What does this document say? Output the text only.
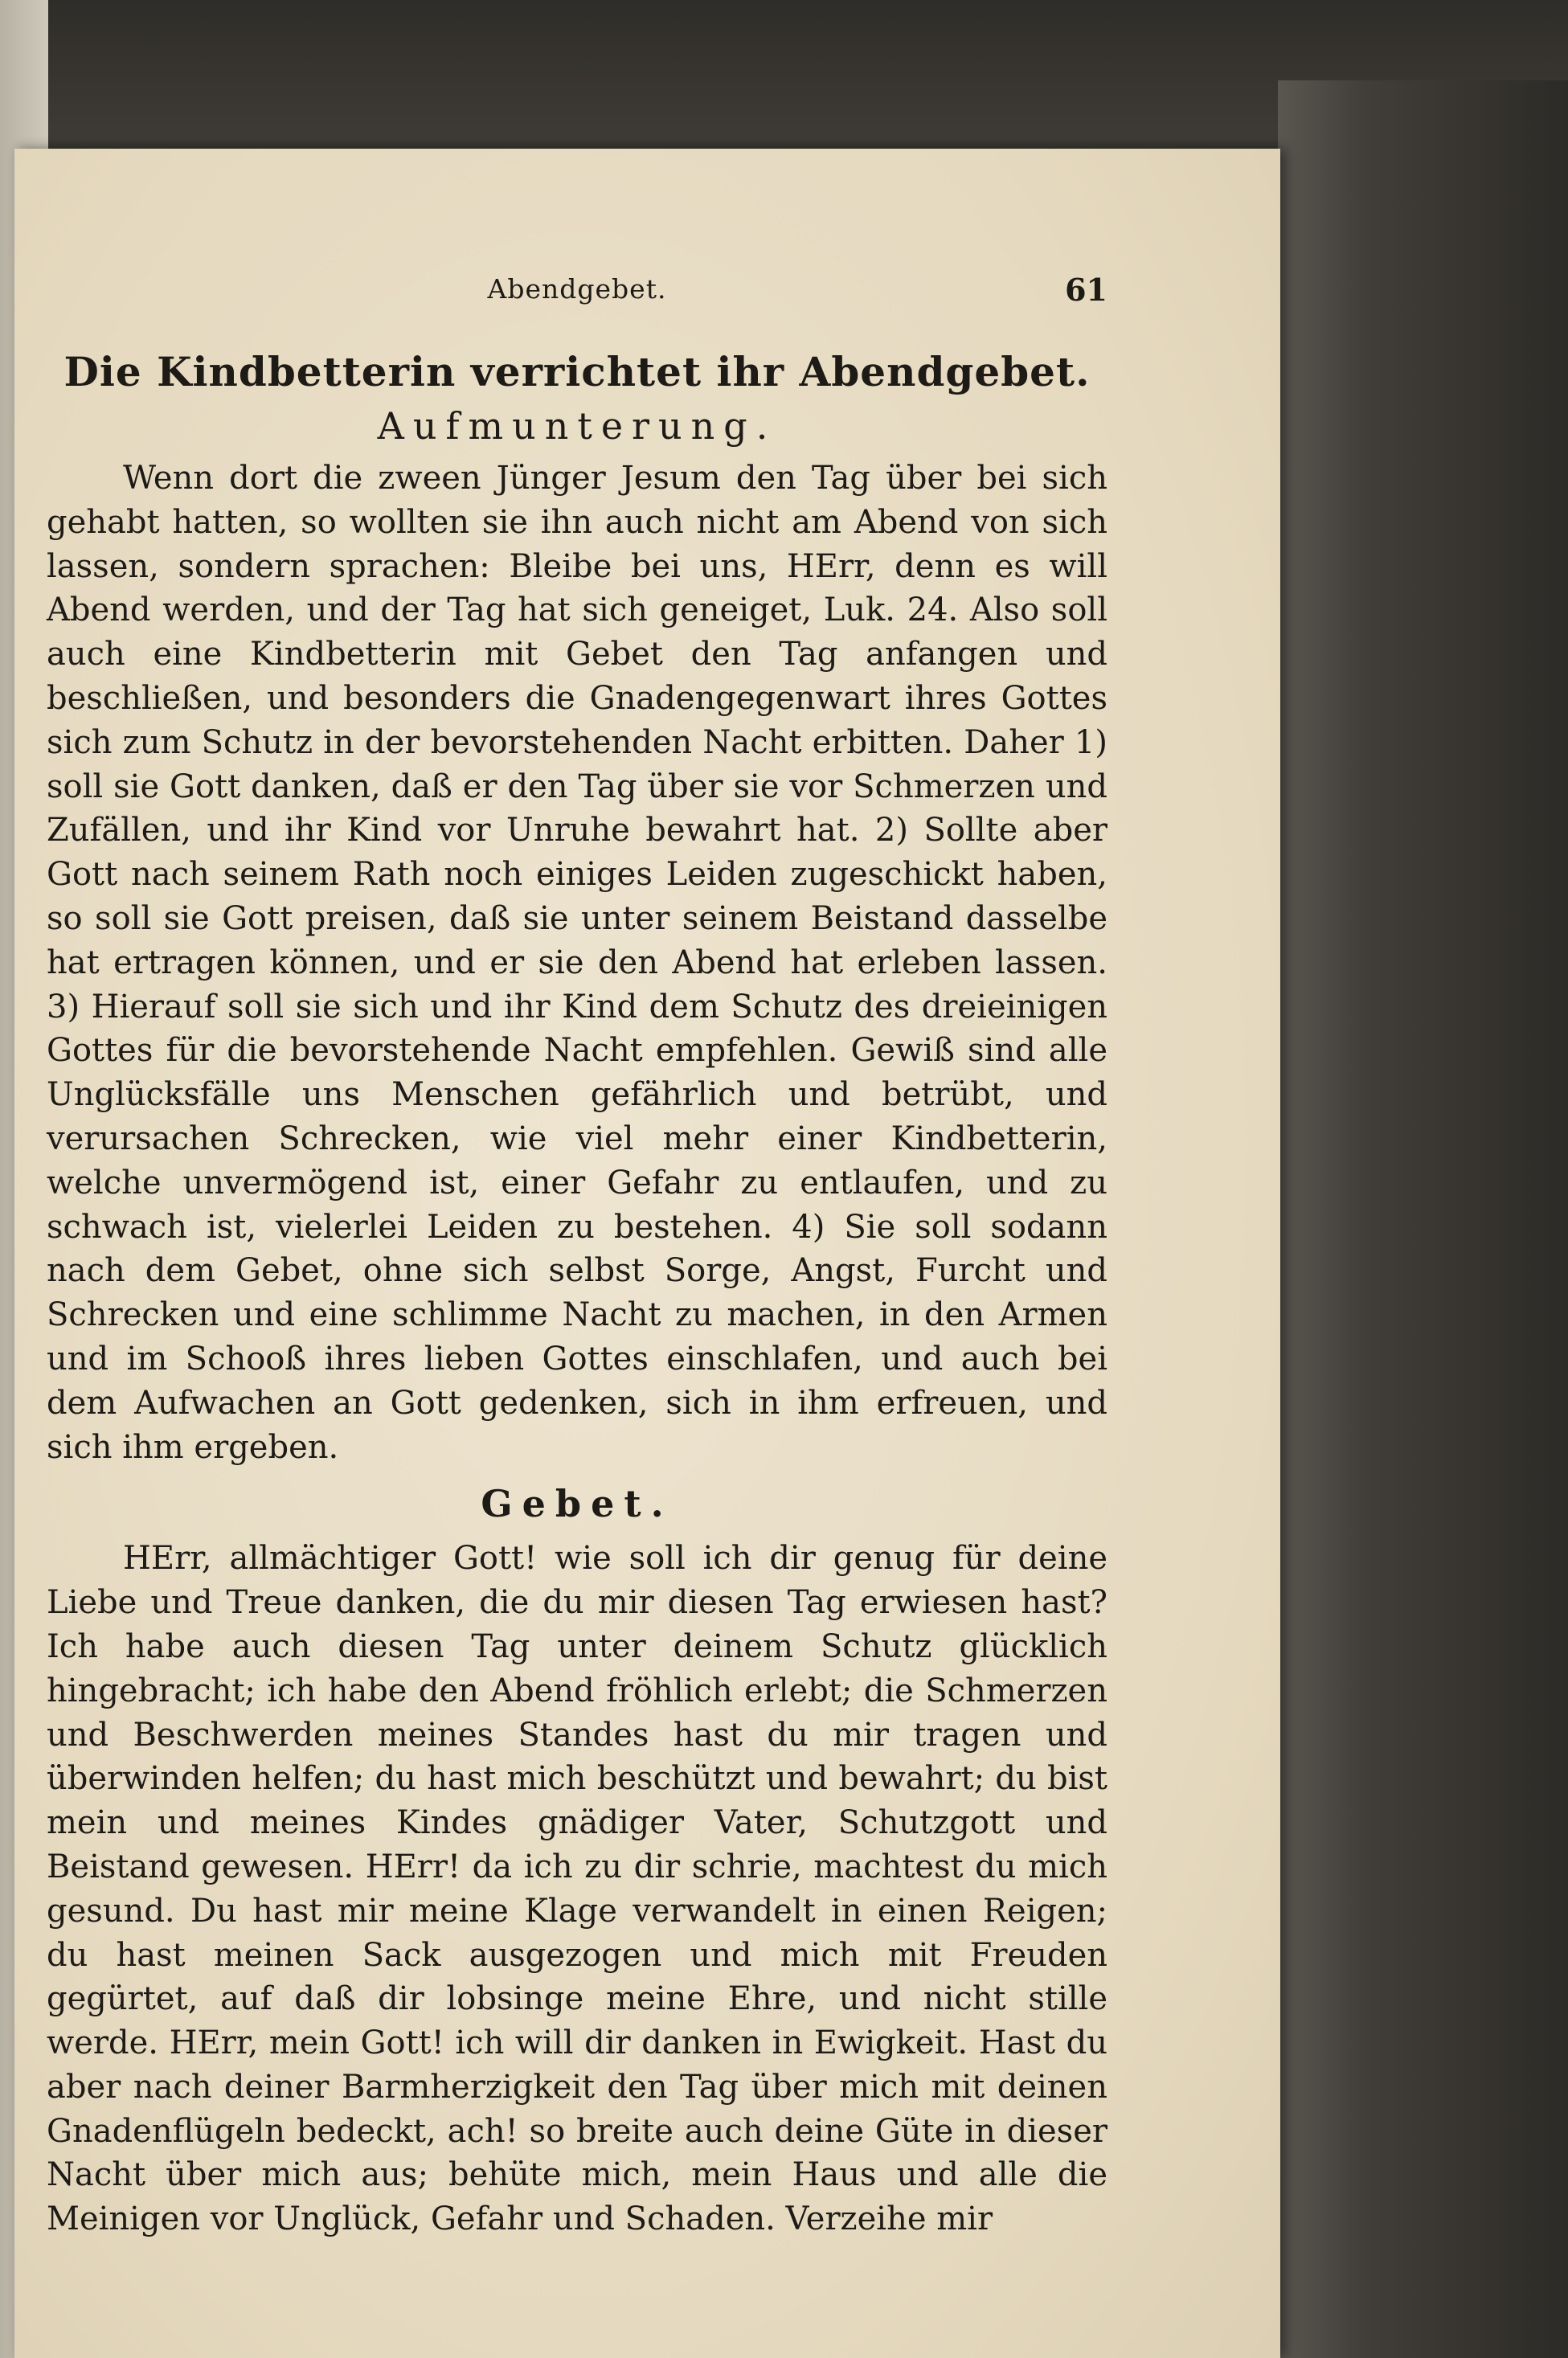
Abendgebet.	61
Die Kindbetterin verrichtet ihr Abendgebet.
Aufmunterung.

Wenn dort die zween Jünger Jesum den Tag über bei sich gehabt hatten, so wollten sie ihn auch nicht am Abend von sich lassen, sondern sprachen: Bleibe bei uns, HErr, denn es will Abend werden, und der Tag hat sich geneiget, Luk. 24. Also soll auch eine Kindbetterin mit Gebet den Tag anfangen und beschließen, und besonders die Gnadengegenwart ihres Gottes sich zum Schutz in der bevorstehenden Nacht erbitten. Daher 1) soll sie Gott danken, daß er den Tag über sie vor Schmerzen und Zufällen, und ihr Kind vor Unruhe bewahrt hat. 2) Sollte aber Gott nach seinem Rath noch einiges Leiden zugeschickt haben, so soll sie Gott preisen, daß sie unter seinem Beistand dasselbe hat ertragen können, und er sie den Abend hat erleben lassen. 3) Hierauf soll sie sich und ihr Kind dem Schutz des dreieinigen Gottes für die bevorstehende Nacht empfehlen. Gewiß sind alle Unglücksfälle uns Menschen gefährlich und betrübt, und verursachen Schrecken, wie viel mehr einer Kindbetterin, welche unvermögend ist, einer Gefahr zu entlaufen, und zu schwach ist, vielerlei Leiden zu bestehen. 4) Sie soll sodann nach dem Gebet, ohne sich selbst Sorge, Angst, Furcht und Schrecken und eine schlimme Nacht zu machen, in den Armen und im Schooß ihres lieben Gottes einschlafen, und auch bei dem Aufwachen an Gott gedenken, sich in ihm erfreuen, und sich ihm ergeben.

Gebet.

HErr, allmächtiger Gott! wie soll ich dir genug für deine Liebe und Treue danken, die du mir diesen Tag erwiesen hast? Ich habe auch diesen Tag unter deinem Schutz glücklich hingebracht; ich habe den Abend fröhlich erlebt; die Schmerzen und Beschwerden meines Standes hast du mir tragen und überwinden helfen; du hast mich beschützt und bewahrt; du bist mein und meines Kindes gnädiger Vater, Schutzgott und Beistand gewesen. HErr! da ich zu dir schrie, machtest du mich gesund. Du hast mir meine Klage verwandelt in einen Reigen; du hast meinen Sack ausgezogen und mich mit Freuden gegürtet, auf daß dir lobsinge meine Ehre, und nicht stille werde. HErr, mein Gott! ich will dir danken in Ewigkeit. Hast du aber nach deiner Barmherzigkeit den Tag über mich mit deinen Gnadenflügeln bedeckt, ach! so breite auch deine Güte in dieser Nacht über mich aus; behüte mich, mein Haus und alle die Meinigen vor Unglück, Gefahr und Schaden. Verzeihe mir
